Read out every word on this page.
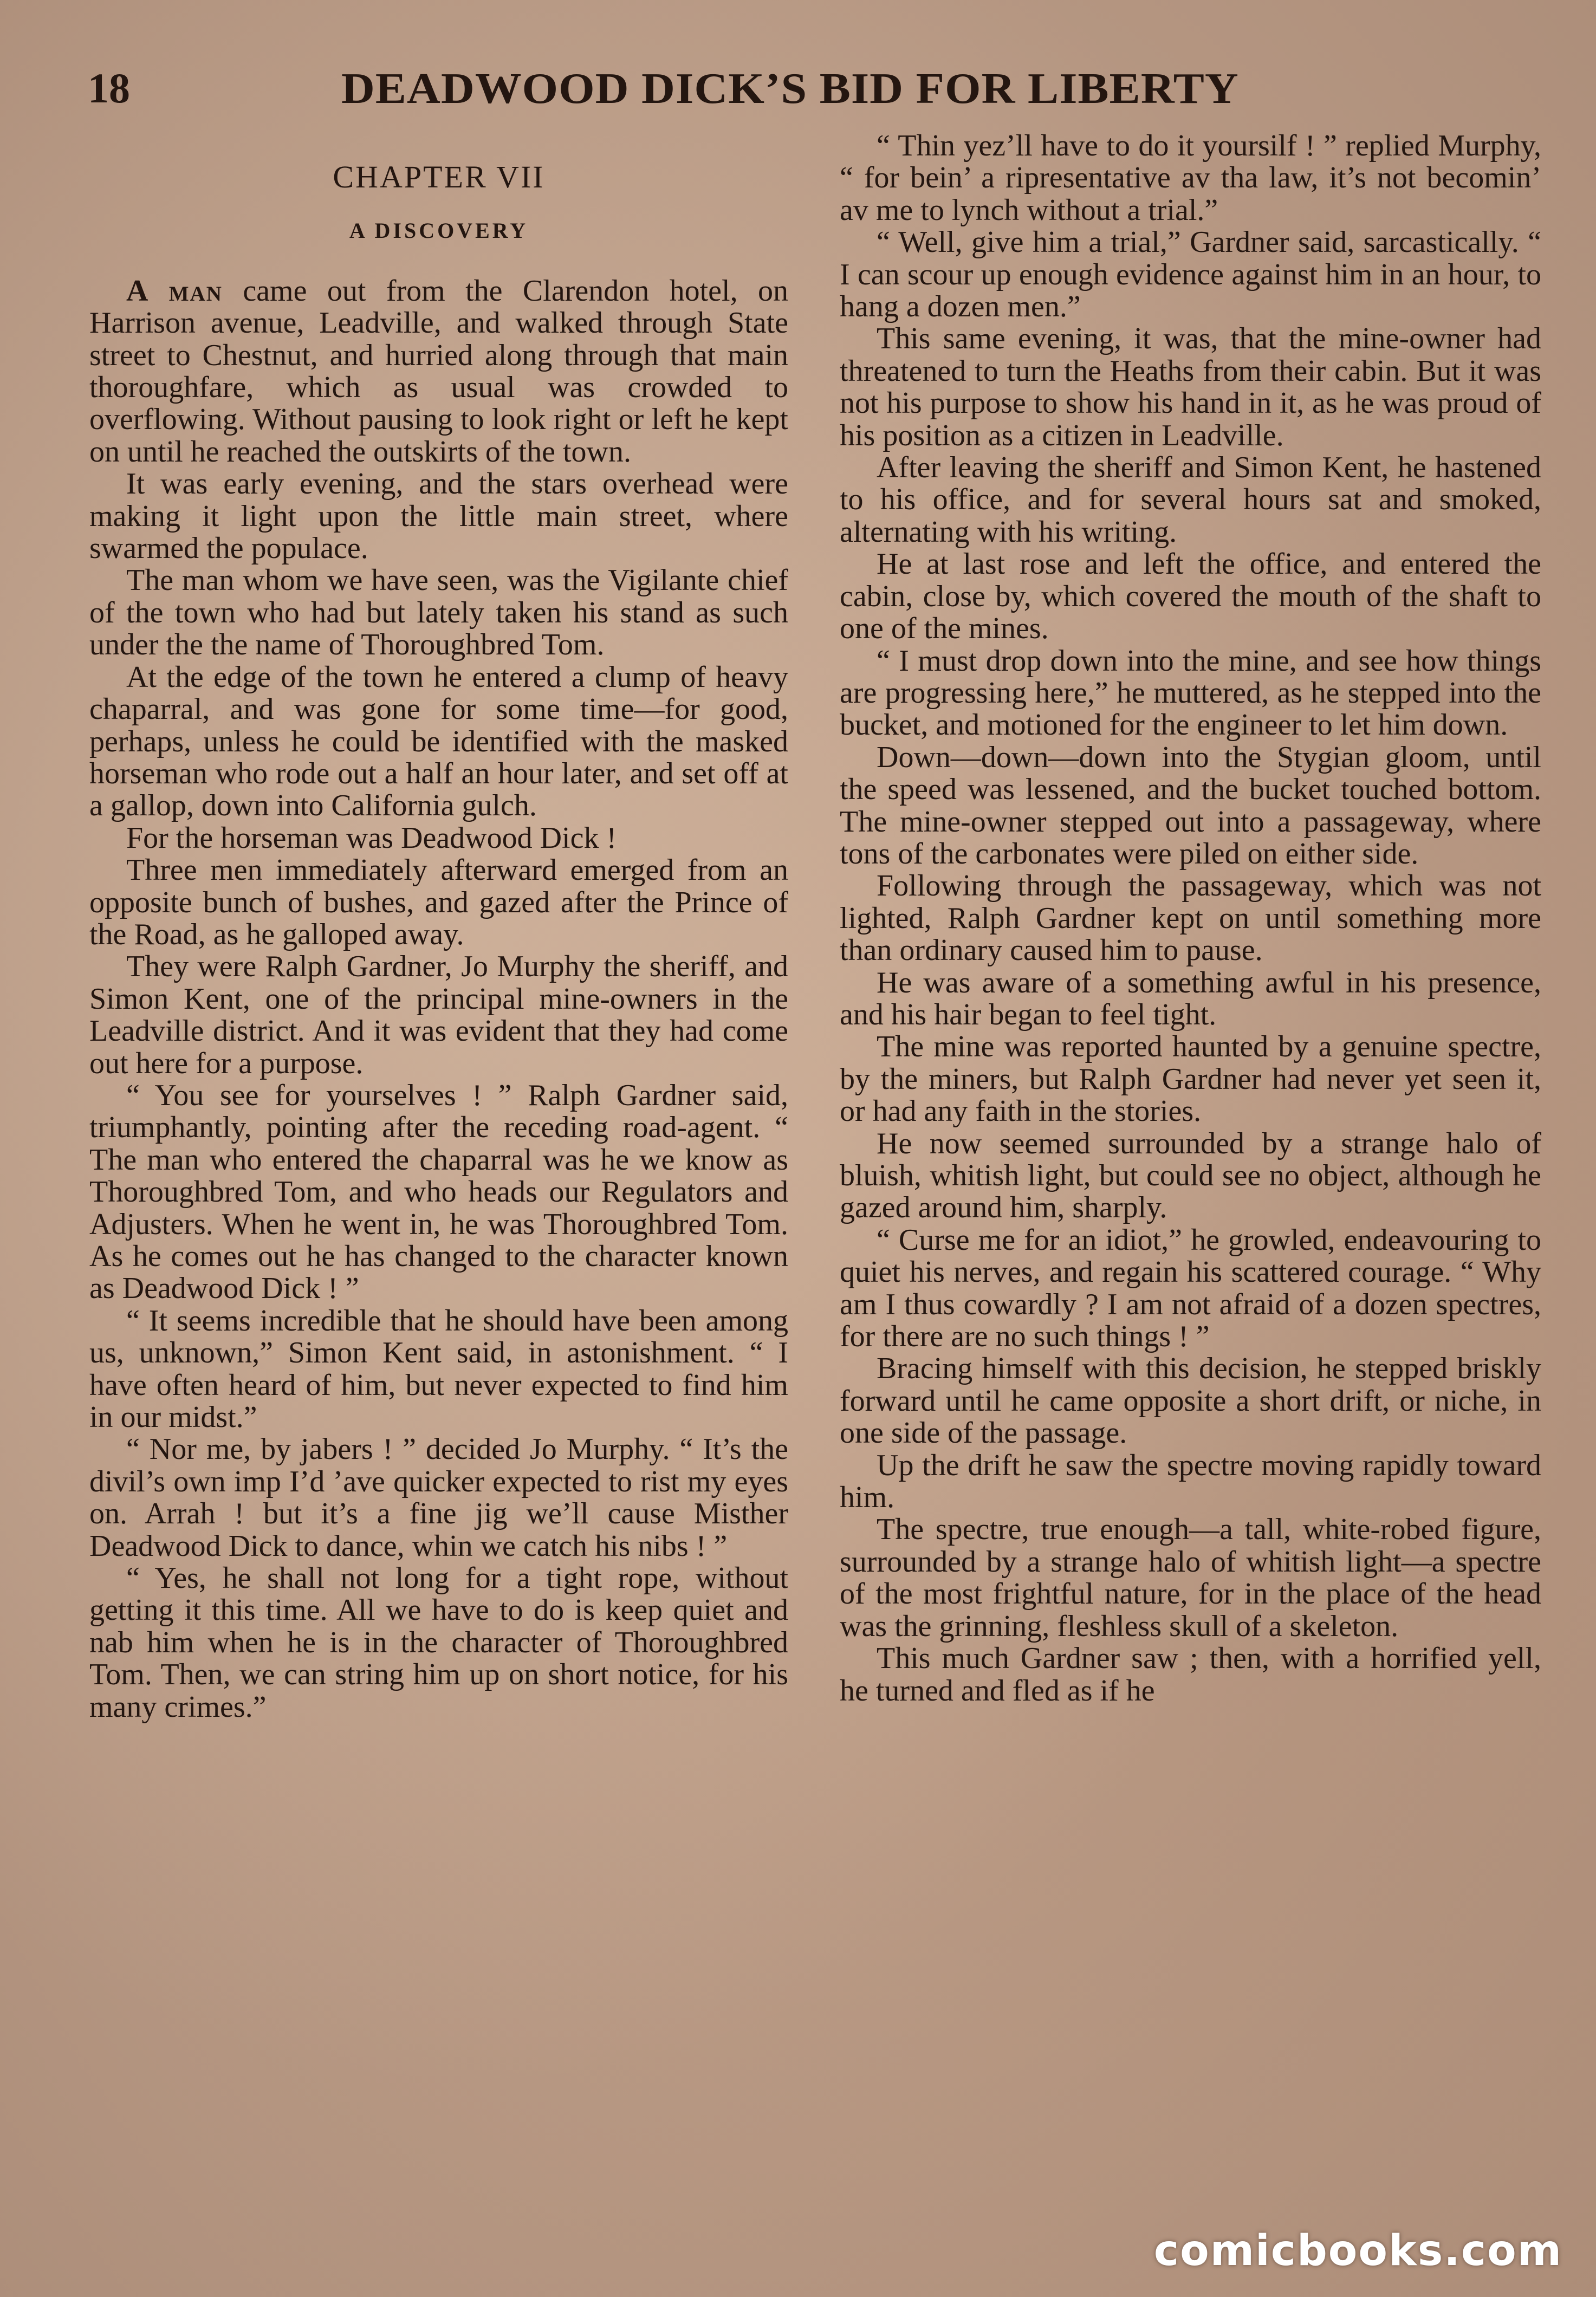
18	DEADWOOD DICK’S BID FOR LIBERTY
CHAPTER VII
A DISCOVERY

A man came out from the Clarendon hotel, on Harrison avenue, Leadville, and walked through State street to Chestnut, and hurried along through that main thoroughfare, which as usual was crowded to overflowing. Without pausing to look right or left he kept on until he reached the outskirts of the town.

It was early evening, and the stars overhead were making it light upon the little main street, where swarmed the populace.

The man whom we have seen, was the Vigilante chief of the town who had but lately taken his stand as such under the the name of Thoroughbred Tom.

At the edge of the town he entered a clump of heavy chaparral, and was gone for some time—for good, perhaps, unless he could be identified with the masked horseman who rode out a half an hour later, and set off at a gallop, down into California gulch.

For the horseman was Deadwood Dick !

Three men immediately afterward emerged from an opposite bunch of bushes, and gazed after the Prince of the Road, as he galloped away.

They were Ralph Gardner, Jo Murphy the sheriff, and Simon Kent, one of the principal mine-owners in the Leadville district. And it was evident that they had come out here for a purpose.

“ You see for yourselves ! ” Ralph Gardner said, triumphantly, pointing after the receding road-agent. “ The man who entered the chaparral was he we know as Thoroughbred Tom, and who heads our Regulators and Adjusters. When he went in, he was Thoroughbred Tom. As he comes out he has changed to the character known as Deadwood Dick ! ”

“ It seems incredible that he should have been among us, unknown,” Simon Kent said, in astonishment. “ I have often heard of him, but never expected to find him in our midst.”

“ Nor me, by jabers ! ” decided Jo Murphy. “ It’s the divil’s own imp I’d ’ave quicker expected to rist my eyes on. Arrah ! but it’s a fine jig we’ll cause Misther Deadwood Dick to dance, whin we catch his nibs ! ”

“ Yes, he shall not long for a tight rope, without getting it this time. All we have to do is keep quiet and nab him when he is in the character of Thoroughbred Tom. Then, we can string him up on short notice, for his many crimes.”

“ Thin yez’ll have to do it yoursilf ! ” replied Murphy, “ for bein’ a ripresentative av tha law, it’s not becomin’ av me to lynch without a trial.”

“ Well, give him a trial,” Gardner said, sarcastically. “ I can scour up enough evidence against him in an hour, to hang a dozen men.”

This same evening, it was, that the mine-owner had threatened to turn the Heaths from their cabin. But it was not his purpose to show his hand in it, as he was proud of his position as a citizen in Leadville.

After leaving the sheriff and Simon Kent, he hastened to his office, and for several hours sat and smoked, alternating with his writing.

He at last rose and left the office, and entered the cabin, close by, which covered the mouth of the shaft to one of the mines.

“ I must drop down into the mine, and see how things are progressing here,” he muttered, as he stepped into the bucket, and motioned for the engineer to let him down.

Down—down—down into the Stygian gloom, until the speed was lessened, and the bucket touched bottom. The mine-owner stepped out into a passageway, where tons of the carbonates were piled on either side.

Following through the passageway, which was not lighted, Ralph Gardner kept on until something more than ordinary caused him to pause.

He was aware of a something awful in his presence, and his hair began to feel tight.

The mine was reported haunted by a genuine spectre, by the miners, but Ralph Gardner had never yet seen it, or had any faith in the stories.

He now seemed surrounded by a strange halo of bluish, whitish light, but could see no object, although he gazed around him, sharply.

“ Curse me for an idiot,” he growled, endeavouring to quiet his nerves, and regain his scattered courage. “ Why am I thus cowardly ? I am not afraid of a dozen spectres, for there are no such things ! ”

Bracing himself with this decision, he stepped briskly forward until he came opposite a short drift, or niche, in one side of the passage.

Up the drift he saw the spectre moving rapidly toward him.

The spectre, true enough—a tall, white-robed figure, surrounded by a strange halo of whitish light—a spectre of the most frightful nature, for in the place of the head was the grinning, fleshless skull of a skeleton.

This much Gardner saw ; then, with a horrified yell, he turned and fled as if he

comicbooks.com
